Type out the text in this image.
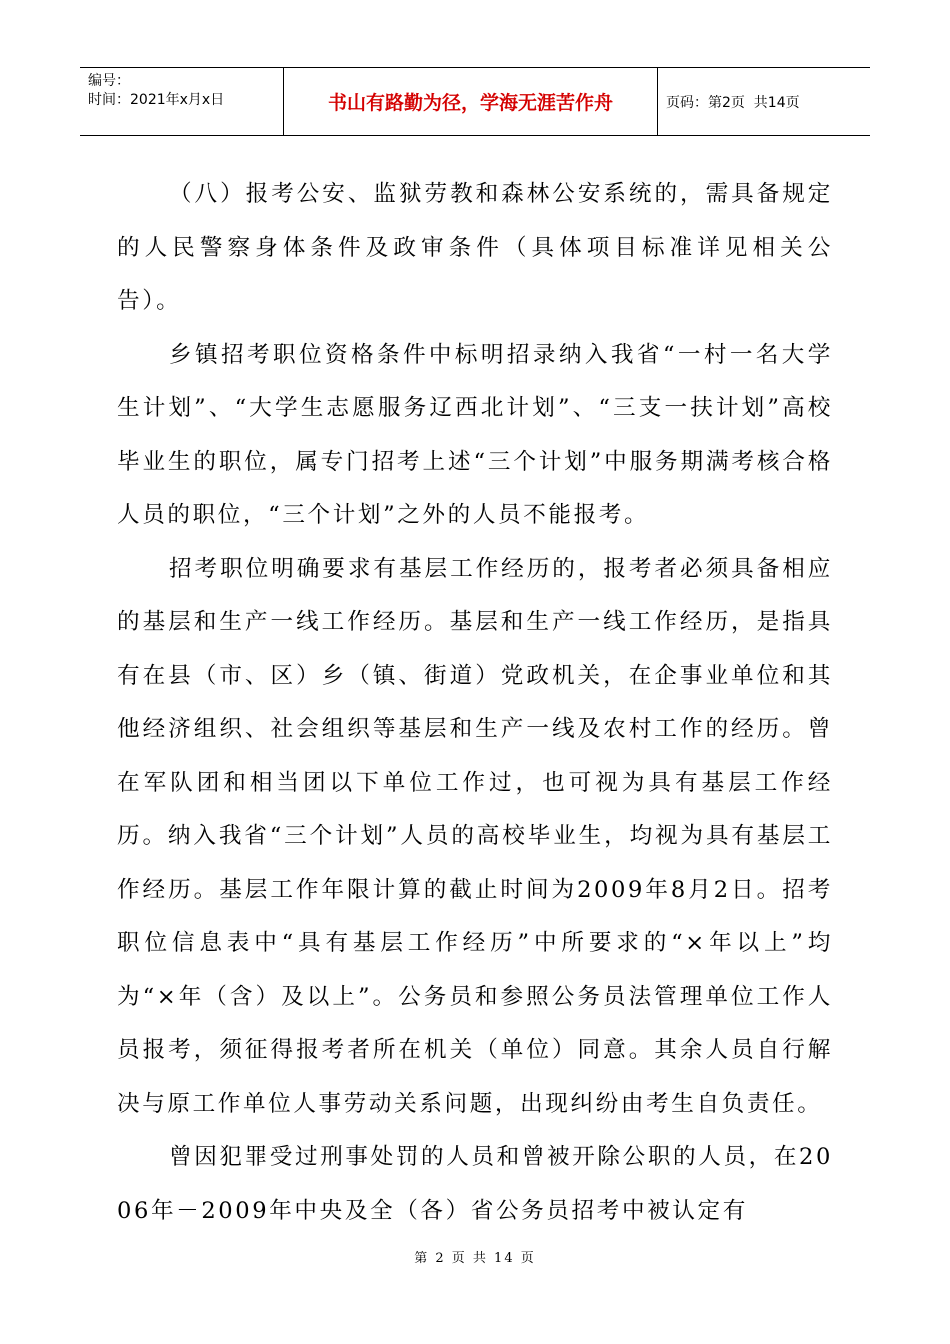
编号：
时间：2021年x月x日	书山有路勤为径，学海无涯苦作舟	页码：第2页  共14页

（八）报考公安、监狱劳教和森林公安系统的，需具备规定的人民警察身体条件及政审条件（具体项目标准详见相关公告）。

乡镇招考职位资格条件中标明招录纳入我省“一村一名大学生计划”、“大学生志愿服务辽西北计划”、“三支一扶计划”高校毕业生的职位，属专门招考上述“三个计划”中服务期满考核合格人员的职位，“三个计划”之外的人员不能报考。

招考职位明确要求有基层工作经历的，报考者必须具备相应的基层和生产一线工作经历。基层和生产一线工作经历，是指具有在县（市、区）乡（镇、街道）党政机关，在企事业单位和其他经济组织、社会组织等基层和生产一线及农村工作的经历。曾在军队团和相当团以下单位工作过，也可视为具有基层工作经历。纳入我省“三个计划”人员的高校毕业生，均视为具有基层工作经历。基层工作年限计算的截止时间为2009年8月2日。招考职位信息表中“具有基层工作经历”中所要求的“×年以上”均为“×年（含）及以上”。公务员和参照公务员法管理单位工作人员报考，须征得报考者所在机关（单位）同意。其余人员自行解决与原工作单位人事劳动关系问题，出现纠纷由考生自负责任。

曾因犯罪受过刑事处罚的人员和曾被开除公职的人员，在2006年－2009年中央及全（各）省公务员招考中被认定有

第 2 页 共 14 页
